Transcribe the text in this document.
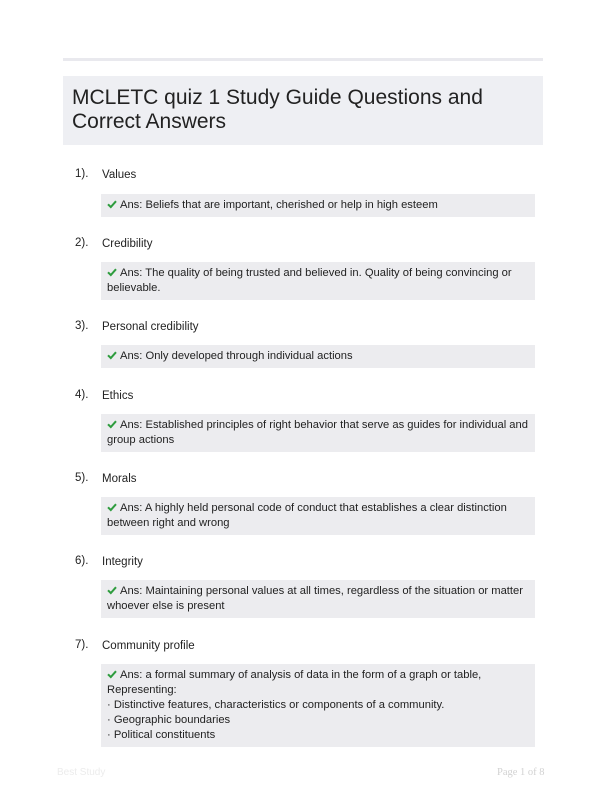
MCLETC quiz 1 Study Guide Questions and
Correct Answers
1). Values
Ans: Beliefs that are important, cherished or help in high esteem
2). Credibility
Ans: The quality of being trusted and believed in. Quality of being convincing or
believable.
3). Personal credibility
Ans: Only developed through individual actions
4). Ethics
Ans: Established principles of right behavior that serve as guides for individual and
group actions
5). Morals
Ans: A highly held personal code of conduct that establishes a clear distinction
between right and wrong
6). Integrity
Ans: Maintaining personal values at all times, regardless of the situation or matter
whoever else is present
7). Community profile
Ans: a formal summary of analysis of data in the form of a graph or table,
Representing:
· Distinctive features, characteristics or components of a community.
· Geographic boundaries
· Political constituents
Best Study	Page 1 of 8
